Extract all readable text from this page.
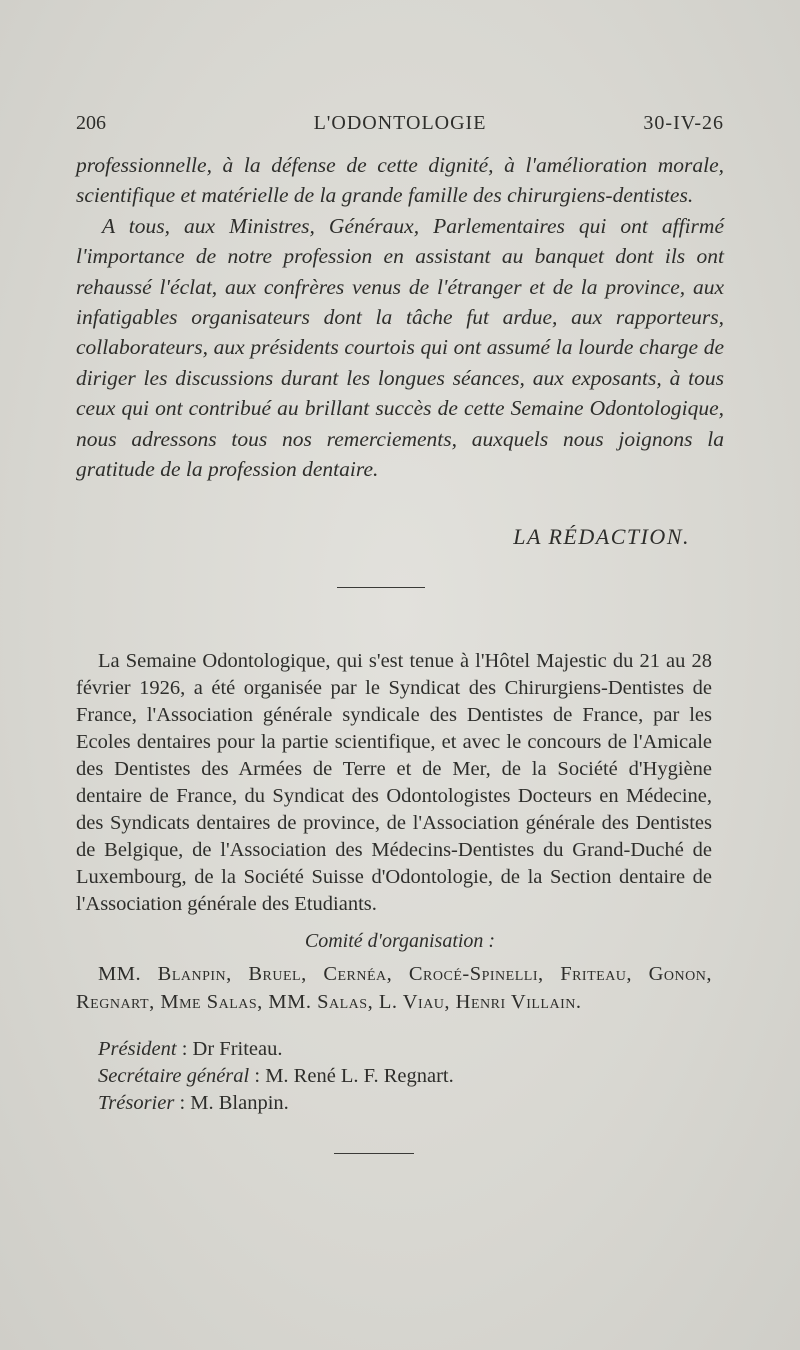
206	L'ODONTOLOGIE	30-IV-26

professionnelle, à la défense de cette dignité, à l'amélioration morale, scientifique et matérielle de la grande famille des chirurgiens-dentistes.

A tous, aux Ministres, Généraux, Parlementaires qui ont affirmé l'importance de notre profession en assistant au banquet dont ils ont rehaussé l'éclat, aux confrères venus de l'étranger et de la province, aux infatigables organisateurs dont la tâche fut ardue, aux rapporteurs, collaborateurs, aux présidents courtois qui ont assumé la lourde charge de diriger les discussions durant les longues séances, aux exposants, à tous ceux qui ont contribué au brillant succès de cette Semaine Odontologique, nous adressons tous nos remerciements, auxquels nous joignons la gratitude de la profession dentaire.

LA RÉDACTION.

La Semaine Odontologique, qui s'est tenue à l'Hôtel Majestic du 21 au 28 février 1926, a été organisée par le Syndicat des Chirurgiens-Dentistes de France, l'Association générale syndicale des Dentistes de France, par les Ecoles dentaires pour la partie scientifique, et avec le concours de l'Amicale des Dentistes des Armées de Terre et de Mer, de la Société d'Hygiène dentaire de France, du Syndicat des Odontologistes Docteurs en Médecine, des Syndicats dentaires de province, de l'Association générale des Dentistes de Belgique, de l'Association des Médecins-Dentistes du Grand-Duché de Luxembourg, de la Société Suisse d'Odontologie, de la Section dentaire de l'Association générale des Etudiants.

Comité d'organisation :

MM. Blanpin, Bruel, Cernéa, Crocé-Spinelli, Friteau, Gonon, Regnart, Mme Salas, MM. Salas, L. Viau, Henri Villain.

Président : Dr Friteau.
Secrétaire général : M. René L. F. Regnart.
Trésorier : M. Blanpin.
